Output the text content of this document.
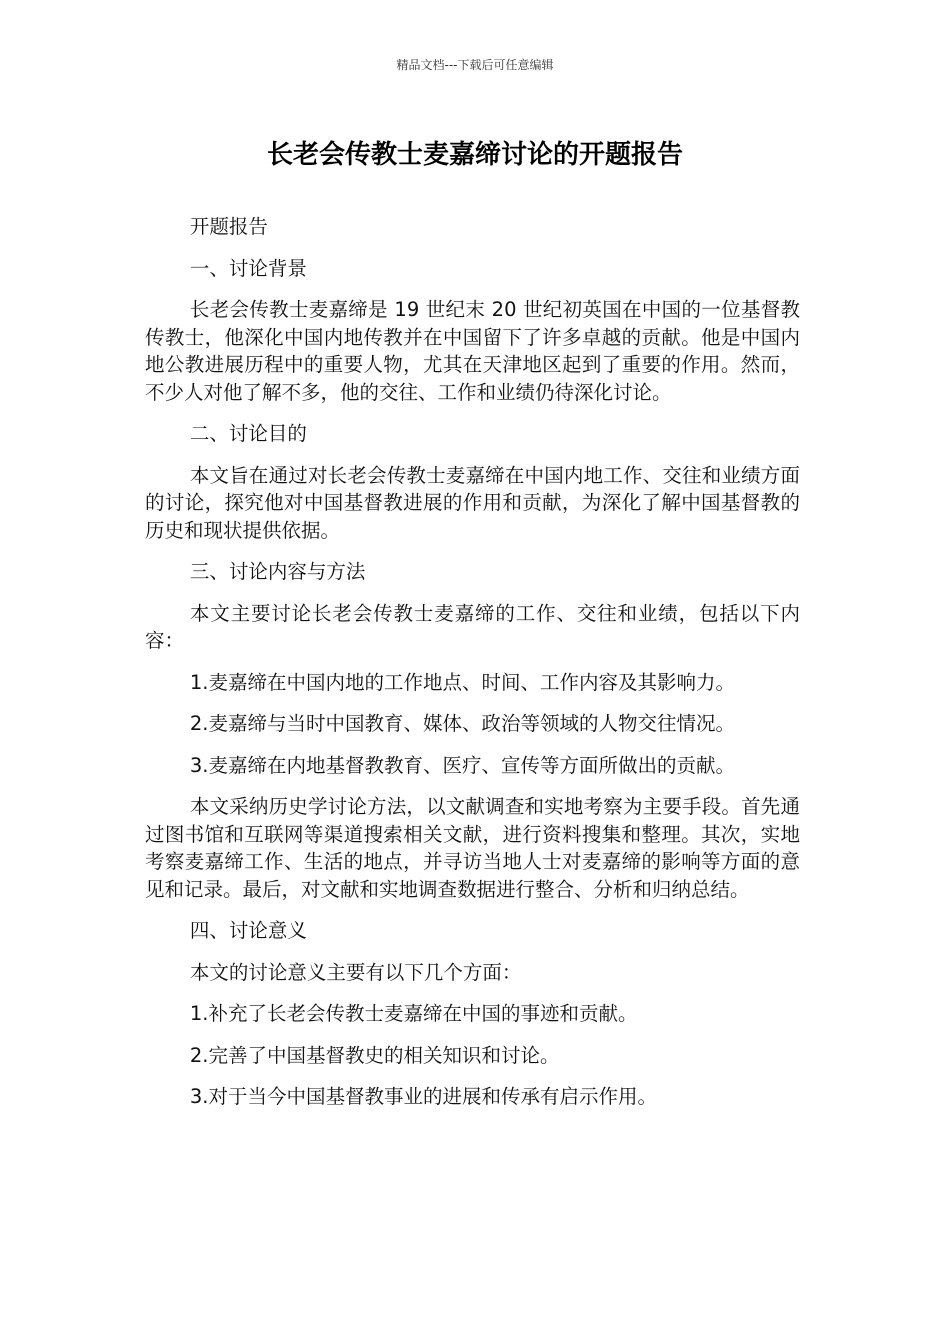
精品文档---下载后可任意编辑
长老会传教士麦嘉缔讨论的开题报告

开题报告

一、讨论背景

长老会传教士麦嘉缔是 19 世纪末 20 世纪初英国在中国的一位基督教传教士，他深化中国内地传教并在中国留下了许多卓越的贡献。他是中国内地公教进展历程中的重要人物，尤其在天津地区起到了重要的作用。然而，不少人对他了解不多，他的交往、工作和业绩仍待深化讨论。

二、讨论目的

本文旨在通过对长老会传教士麦嘉缔在中国内地工作、交往和业绩方面的讨论，探究他对中国基督教进展的作用和贡献，为深化了解中国基督教的历史和现状提供依据。

三、讨论内容与方法

本文主要讨论长老会传教士麦嘉缔的工作、交往和业绩，包括以下内容：

1.麦嘉缔在中国内地的工作地点、时间、工作内容及其影响力。

2.麦嘉缔与当时中国教育、媒体、政治等领域的人物交往情况。

3.麦嘉缔在内地基督教教育、医疗、宣传等方面所做出的贡献。

本文采纳历史学讨论方法，以文献调查和实地考察为主要手段。首先通过图书馆和互联网等渠道搜索相关文献，进行资料搜集和整理。其次，实地考察麦嘉缔工作、生活的地点，并寻访当地人士对麦嘉缔的影响等方面的意见和记录。最后，对文献和实地调查数据进行整合、分析和归纳总结。

四、讨论意义

本文的讨论意义主要有以下几个方面：

1.补充了长老会传教士麦嘉缔在中国的事迹和贡献。

2.完善了中国基督教史的相关知识和讨论。

3.对于当今中国基督教事业的进展和传承有启示作用。
